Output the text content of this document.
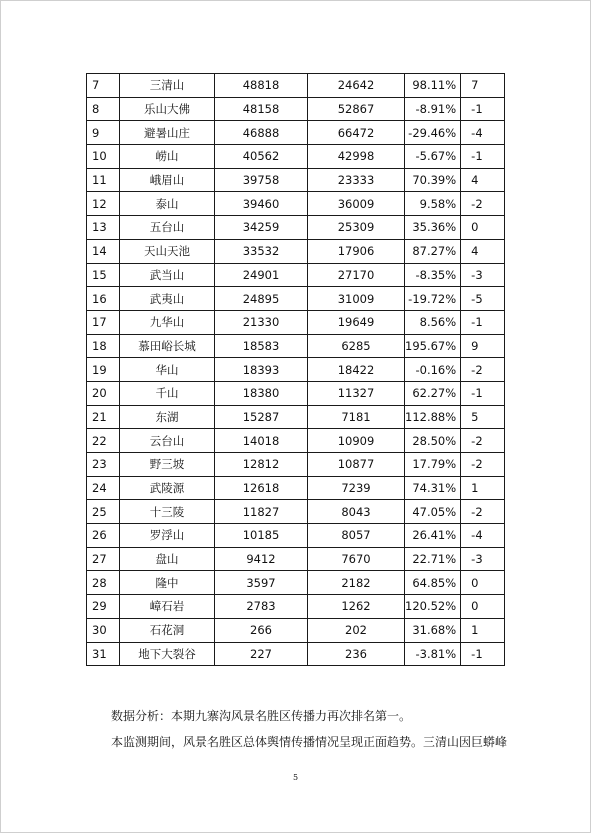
7	三清山	48818	24642	98.11%	7
8	乐山大佛	48158	52867	-8.91%	-1
9	避暑山庄	46888	66472	-29.46%	-4
10	崂山	40562	42998	-5.67%	-1
11	峨眉山	39758	23333	70.39%	4
12	泰山	39460	36009	9.58%	-2
13	五台山	34259	25309	35.36%	0
14	天山天池	33532	17906	87.27%	4
15	武当山	24901	27170	-8.35%	-3
16	武夷山	24895	31009	-19.72%	-5
17	九华山	21330	19649	8.56%	-1
18	慕田峪长城	18583	6285	195.67%	9
19	华山	18393	18422	-0.16%	-2
20	千山	18380	11327	62.27%	-1
21	东湖	15287	7181	112.88%	5
22	云台山	14018	10909	28.50%	-2
23	野三坡	12812	10877	17.79%	-2
24	武陵源	12618	7239	74.31%	1
25	十三陵	11827	8043	47.05%	-2
26	罗浮山	10185	8057	26.41%	-4
27	盘山	9412	7670	22.71%	-3
28	隆中	3597	2182	64.85%	0
29	嶂石岩	2783	1262	120.52%	0
30	石花洞	266	202	31.68%	1
31	地下大裂谷	227	236	-3.81%	-1
数据分析：本期九寨沟风景名胜区传播力再次排名第一。
本监测期间，风景名胜区总体舆情传播情况呈现正面趋势。三清山因巨蟒峰
5
